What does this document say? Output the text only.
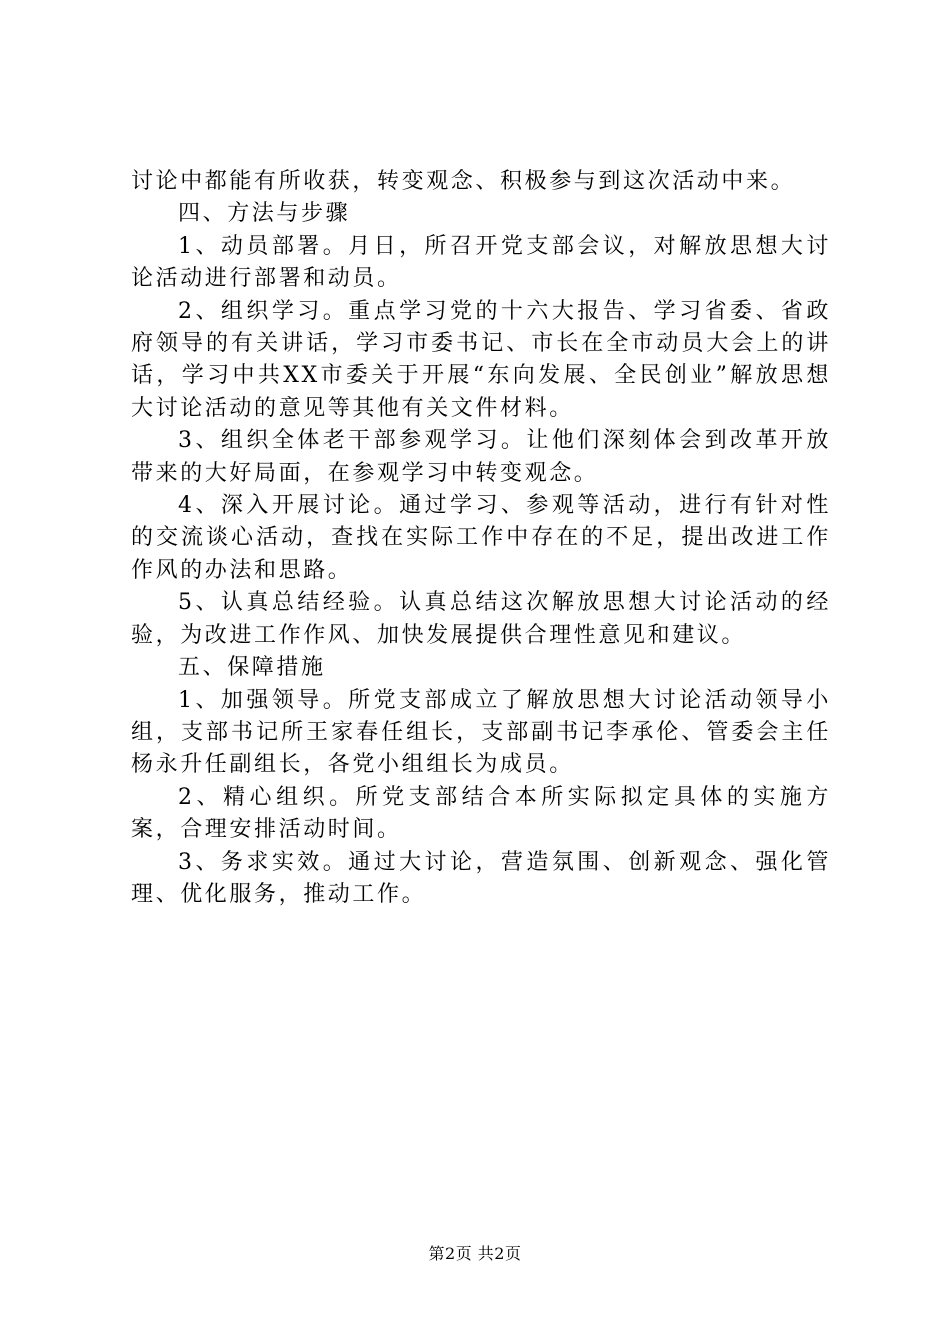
讨论中都能有所收获，转变观念、积极参与到这次活动中来。

四、方法与步骤

1、动员部署。月日，所召开党支部会议，对解放思想大讨论活动进行部署和动员。

2、组织学习。重点学习党的十六大报告、学习省委、省政府领导的有关讲话，学习市委书记、市长在全市动员大会上的讲话，学习中共XX市委关于开展“东向发展、全民创业”解放思想大讨论活动的意见等其他有关文件材料。

3、组织全体老干部参观学习。让他们深刻体会到改革开放带来的大好局面，在参观学习中转变观念。

4、深入开展讨论。通过学习、参观等活动，进行有针对性的交流谈心活动，查找在实际工作中存在的不足，提出改进工作作风的办法和思路。

5、认真总结经验。认真总结这次解放思想大讨论活动的经验，为改进工作作风、加快发展提供合理性意见和建议。

五、保障措施

1、加强领导。所党支部成立了解放思想大讨论活动领导小组，支部书记所王家春任组长，支部副书记李承伦、管委会主任杨永升任副组长，各党小组组长为成员。

2、精心组织。所党支部结合本所实际拟定具体的实施方案，合理安排活动时间。

3、务求实效。通过大讨论，营造氛围、创新观念、强化管理、优化服务，推动工作。

第2页 共2页
